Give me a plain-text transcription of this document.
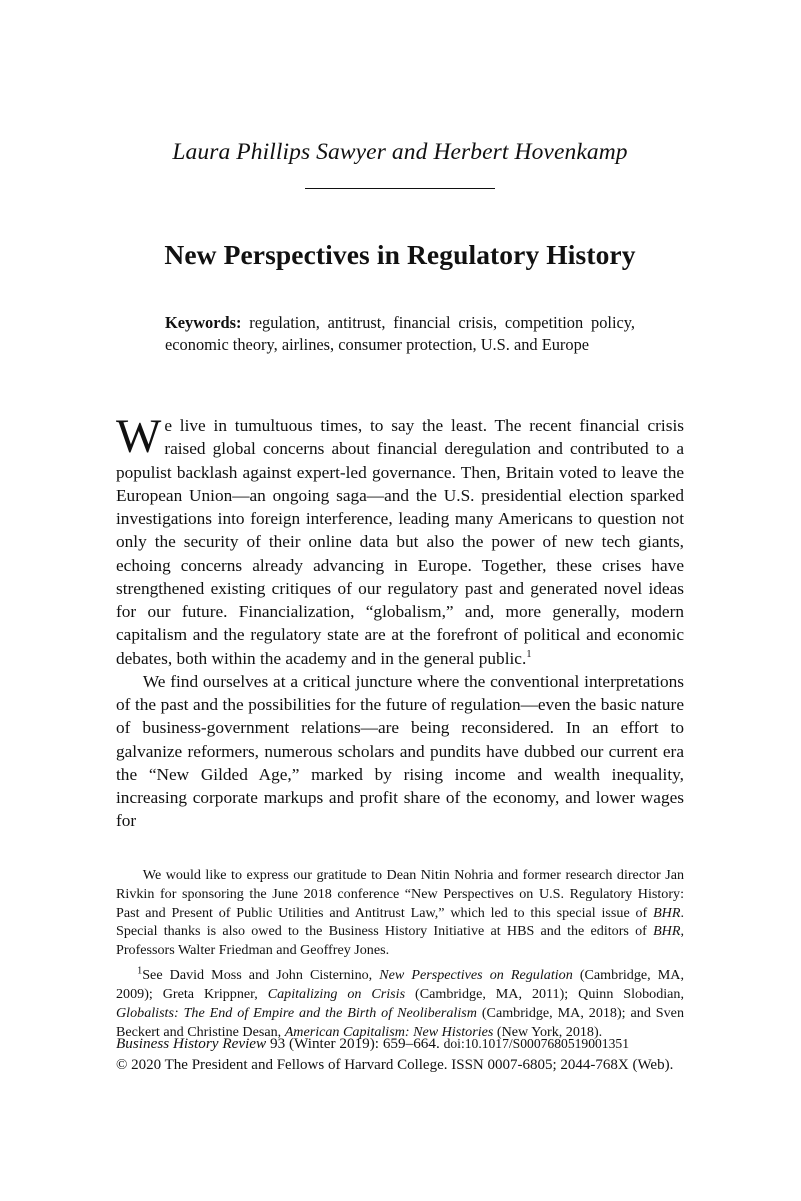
Laura Phillips Sawyer and Herbert Hovenkamp
New Perspectives in Regulatory History
Keywords: regulation, antitrust, financial crisis, competition policy, economic theory, airlines, consumer protection, U.S. and Europe

We live in tumultuous times, to say the least. The recent financial crisis raised global concerns about financial deregulation and contributed to a populist backlash against expert-led governance. Then, Britain voted to leave the European Union—an ongoing saga—and the U.S. presidential election sparked investigations into foreign interference, leading many Americans to question not only the security of their online data but also the power of new tech giants, echoing concerns already advancing in Europe. Together, these crises have strengthened existing critiques of our regulatory past and generated novel ideas for our future. Financialization, “globalism,” and, more generally, modern capitalism and the regulatory state are at the forefront of political and economic debates, both within the academy and in the general public.$^1$

We find ourselves at a critical juncture where the conventional interpretations of the past and the possibilities for the future of regulation—even the basic nature of business-government relations—are being reconsidered. In an effort to galvanize reformers, numerous scholars and pundits have dubbed our current era the “New Gilded Age,” marked by rising income and wealth inequality, increasing corporate markups and profit share of the economy, and lower wages for

We would like to express our gratitude to Dean Nitin Nohria and former research director Jan Rivkin for sponsoring the June 2018 conference “New Perspectives on U.S. Regulatory History: Past and Present of Public Utilities and Antitrust Law,” which led to this special issue of BHR. Special thanks is also owed to the Business History Initiative at HBS and the editors of BHR, Professors Walter Friedman and Geoffrey Jones.

$^1$See David Moss and John Cisternino, New Perspectives on Regulation (Cambridge, MA, 2009); Greta Krippner, Capitalizing on Crisis (Cambridge, MA, 2011); Quinn Slobodian, Globalists: The End of Empire and the Birth of Neoliberalism (Cambridge, MA, 2018); and Sven Beckert and Christine Desan, American Capitalism: New Histories (New York, 2018).

Business History Review 93 (Winter 2019): 659–664. doi:10.1017/S0007680519001351

© 2020 The President and Fellows of Harvard College. ISSN 0007-6805; 2044-768X (Web).
